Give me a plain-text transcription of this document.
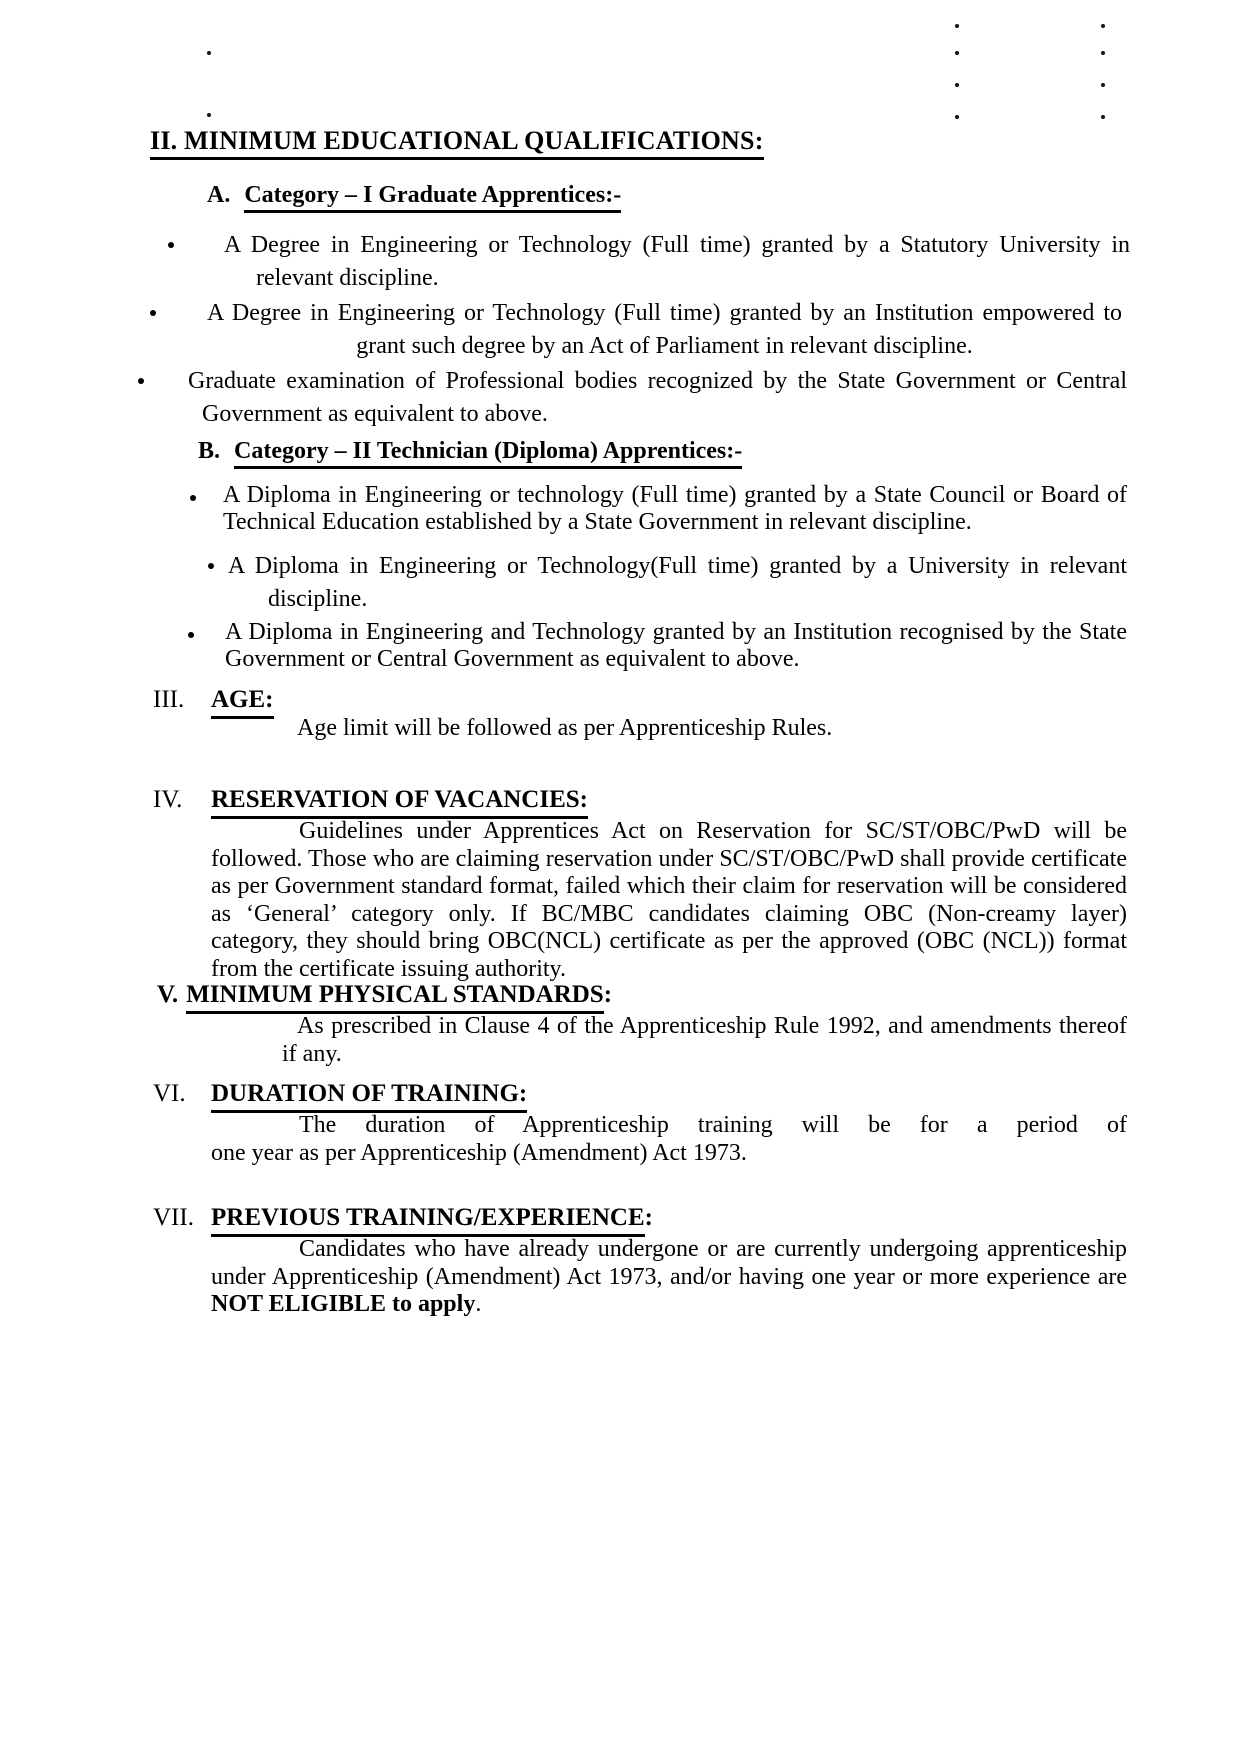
II. MINIMUM EDUCATIONAL QUALIFICATIONS:
A. Category – I Graduate Apprentices:-

A Degree in Engineering or Technology (Full time) granted by a Statutory University in relevant discipline.

A Degree in Engineering or Technology (Full time) granted by an Institution empowered to grant such degree by an Act of Parliament in relevant discipline.

Graduate examination of Professional bodies recognized by the State Government or Central Government as equivalent to above.

B. Category – II Technician (Diploma) Apprentices:-

A Diploma in Engineering or technology (Full time) granted by a State Council or Board of Technical Education established by a State Government in relevant discipline.

A Diploma in Engineering or Technology(Full time) granted by a University in relevant discipline.

A Diploma in Engineering and Technology granted by an Institution recognised by the State Government or Central Government as equivalent to above.

III.	AGE:

Age limit will be followed as per Apprenticeship Rules.

IV.	RESERVATION OF VACANCIES:

Guidelines under Apprentices Act on Reservation for SC/ST/OBC/PwD will be followed. Those who are claiming reservation under SC/ST/OBC/PwD shall provide certificate as per Government standard format, failed which their claim for reservation will be considered as ‘General’ category only. If BC/MBC candidates claiming OBC (Non-creamy layer) category, they should bring OBC(NCL) certificate as per the approved (OBC (NCL)) format from the certificate issuing authority.

V. MINIMUM PHYSICAL STANDARDS :

As prescribed in Clause 4 of the Apprenticeship Rule 1992, and amendments thereof if any.

VI.	DURATION OF TRAINING:
The duration of Apprenticeship training will be for a period of
one year as per Apprenticeship (Amendment) Act 1973.
VII. PREVIOUS TRAINING/EXPERIENCE :

Candidates who have already undergone or are currently undergoing apprenticeship under Apprenticeship (Amendment) Act 1973, and/or having one year or more experience are NOT ELIGIBLE to apply.
